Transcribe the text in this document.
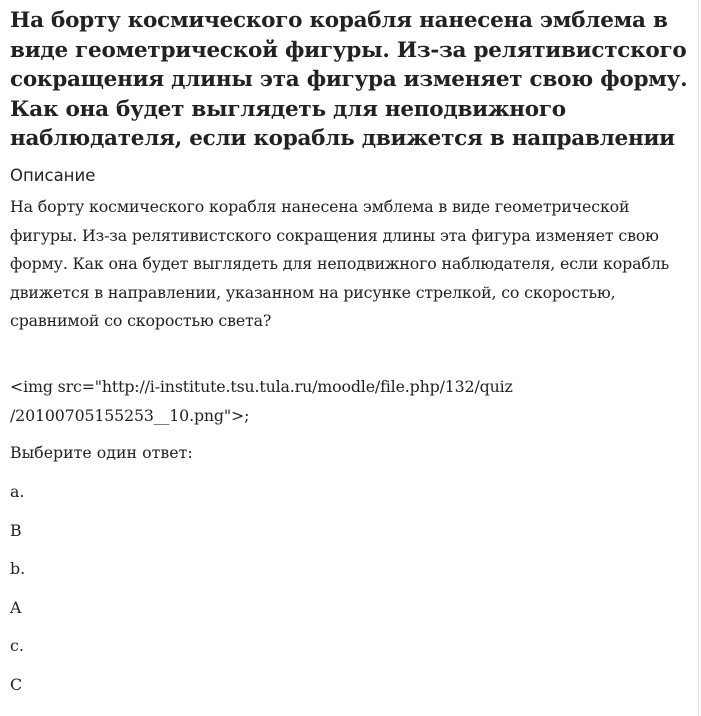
На борту космического корабля нанесена эмблема в виде геометрической фигуры. Из-за релятивистского сокращения длины эта фигура изменяет свою форму. Как она будет выглядеть для неподвижного наблюдателя, если корабль движется в направлении
Описание

На борту космического корабля нанесена эмблема в виде геометрической фигуры. Из-за релятивистского сокращения длины эта фигура изменяет свою форму. Как она будет выглядеть для неподвижного наблюдателя, если корабль движется в направлении, указанном на рисунке стрелкой, со скоростью, сравнимой со скоростью света?

<img src="http://i-institute.tsu.tula.ru/moodle/file.php/132/quiz
/20100705155253__10.png">;
Выберите один ответ:
a.
B
b.
A
c.
C
